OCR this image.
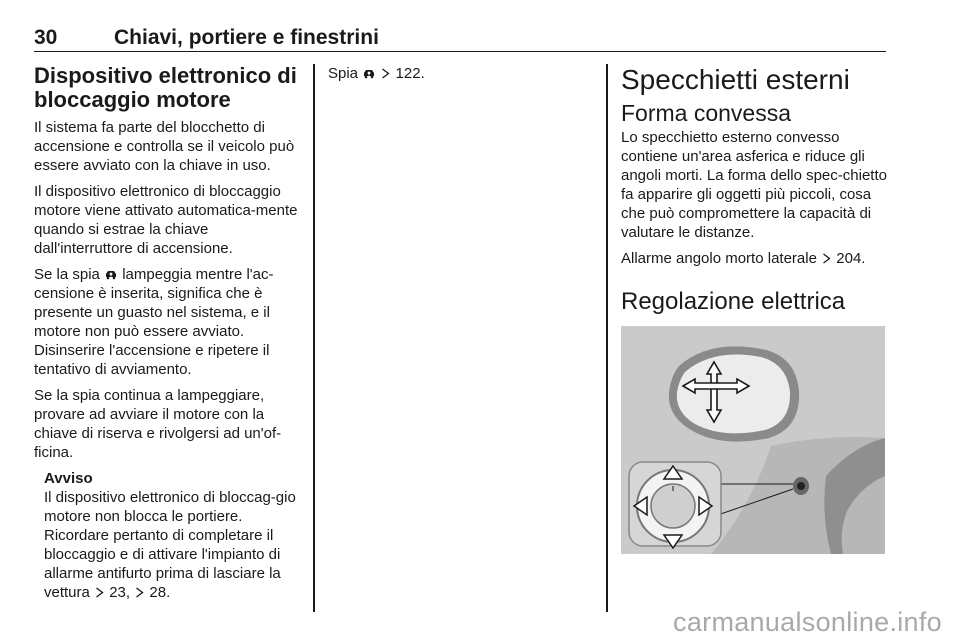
30	Chiavi, portiere e finestrini
Dispositivo elettronico di
bloccaggio motore

Il sistema fa parte del blocchetto di accensione e controlla se il veicolo può essere avviato con la chiave in uso.

Il dispositivo elettronico di bloccaggio motore viene attivato automatica-mente quando si estrae la chiave dall'interruttore di accensione.

Se la spia lampeggia mentre l'ac-censione è inserita, significa che è presente un guasto nel sistema, e il motore non può essere avviato. Disinserire l'accensione e ripetere il tentativo di avviamento.

Se la spia continua a lampeggiare, provare ad avviare il motore con la chiave di riserva e rivolgersi ad un'of-ficina.

Avviso

Il dispositivo elettronico di bloccag-gio motore non blocca le portiere. Ricordare pertanto di completare il bloccaggio e di attivare l'impianto di allarme antifurto prima di lasciare la vettura 23, 28.

Spia	122.	Specchietti esterni
Forma convessa

Lo specchietto esterno convesso contiene un'area asferica e riduce gli angoli morti. La forma dello spec-chietto fa apparire gli oggetti più piccoli, cosa che può compromettere la capacità di valutare le distanze.

Allarme angolo morto laterale 204.

Regolazione elettrica
carmanualsonline.info
